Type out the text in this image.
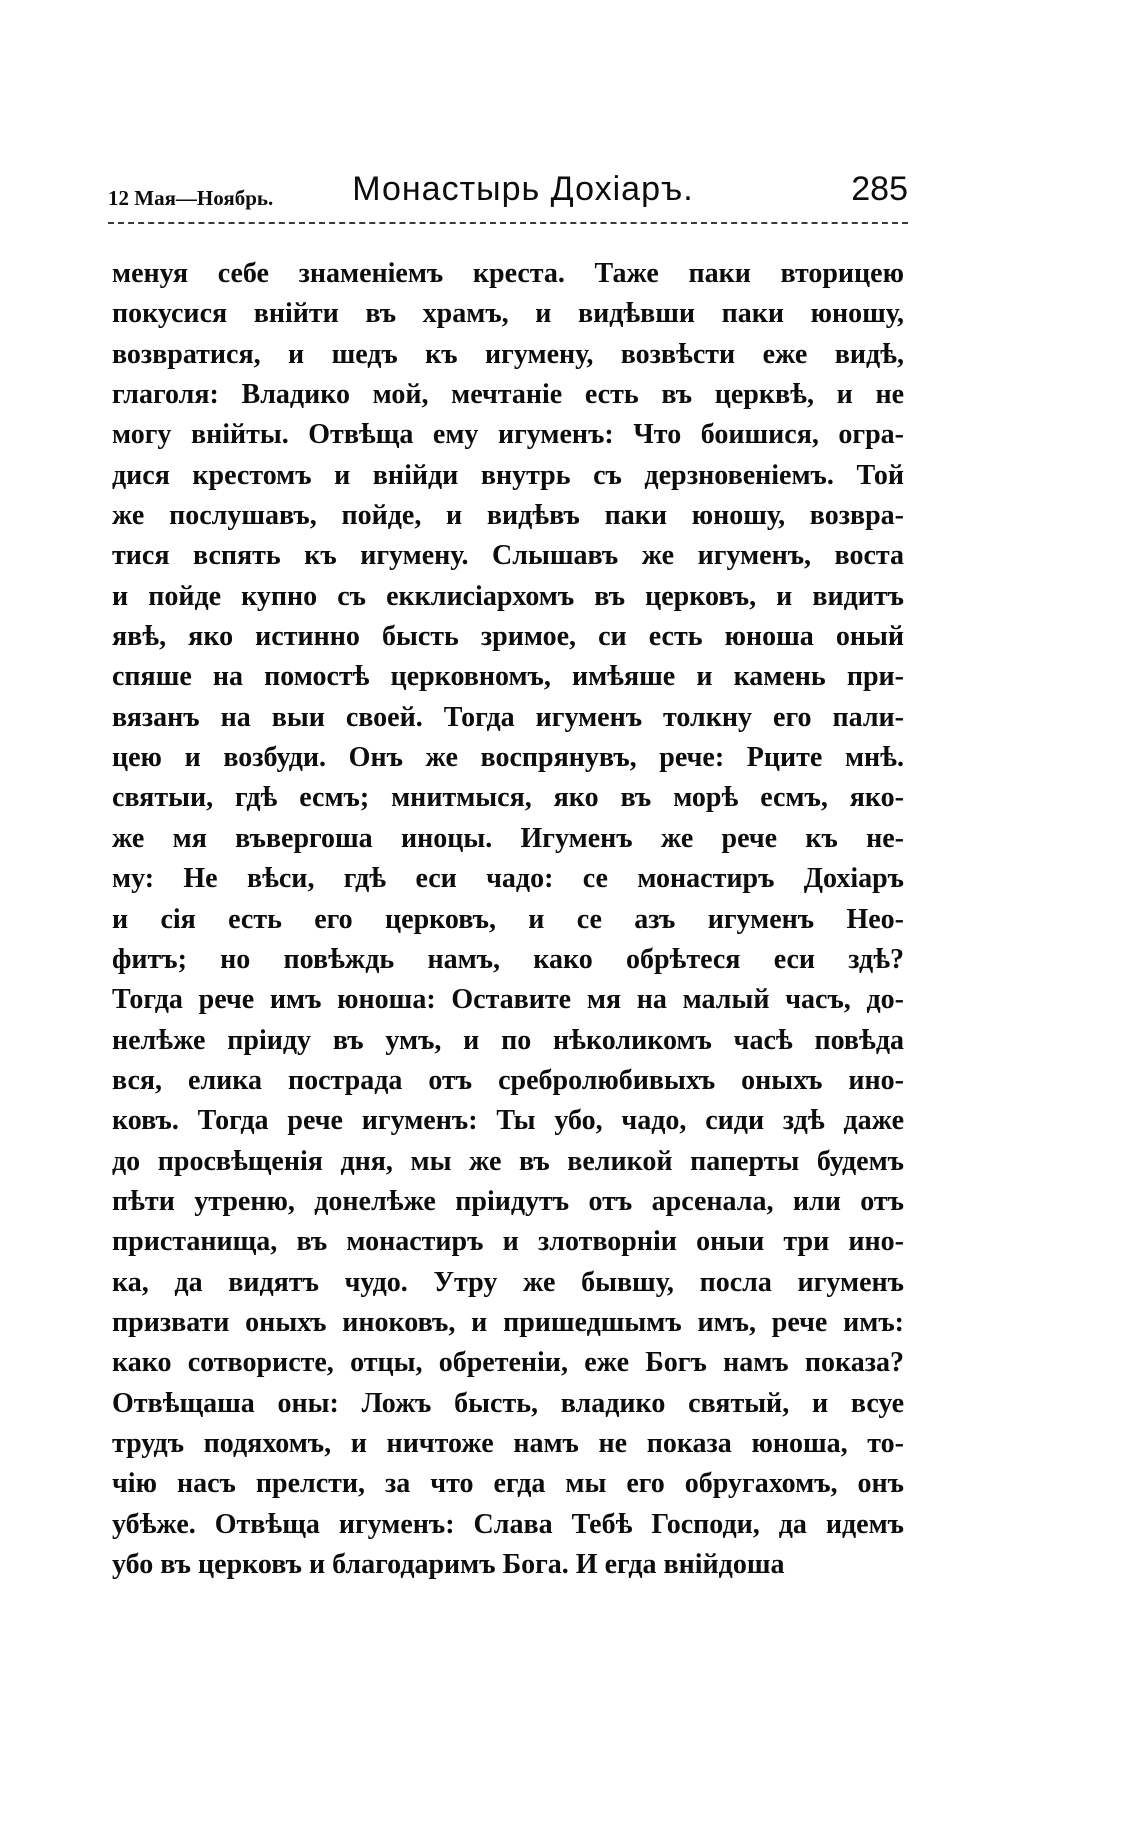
12 Мая—Ноябрь.	Монастырь Дохіаръ.	285
менуя себе знаменіемъ креста. Таже паки вторицею
покусися внійти въ храмъ, и видѣвши паки юношу,
возвратися, и шедъ къ игумену, возвѣсти еже видѣ,
глаголя: Владико мой, мечтаніе есть въ церквѣ, и не
могу внійты. Отвѣща ему игуменъ: Что боишися, огра-
дися крестомъ и внійди внутрь съ дерзновеніемъ. Той
же послушавъ, пойде, и видѣвъ паки юношу, возвра-
тися вспять къ игумену. Слышавъ же игуменъ, воста
и пойде купно съ екклисіархомъ въ церковъ, и видитъ
явѣ, яко истинно бысть зримое, си есть юноша оный
спяше на помостѣ церковномъ, имѣяше и камень при-
вязанъ на выи своей. Тогда игуменъ толкну его пали-
цею и возбуди. Онъ же воспрянувъ, рече: Рците мнѣ.
святыи, гдѣ есмъ; мнитмыся, яко въ морѣ есмъ, яко-
же мя въвергоша иноцы. Игуменъ же рече къ не-
му: Не вѣси, гдѣ еси чадо: се монастиръ Дохіаръ
и сія есть его церковъ, и се азъ игуменъ Нео-
фитъ; но повѣждь намъ, како обрѣтеся еси здѣ?
Тогда рече имъ юноша: Оставите мя на малый часъ, до-
нелѣже пріиду въ умъ, и по нѣколикомъ часѣ повѣда
вся, елика пострада отъ сребролюбивыхъ оныхъ ино-
ковъ. Тогда рече игуменъ: Ты убо, чадо, сиди здѣ даже
до просвѣщенія дня, мы же въ великой паперты будемъ
пѣти утреню, донелѣже пріидутъ отъ арсенала, или отъ
пристанища, въ монастиръ и злотворніи оныи три ино-
ка, да видятъ чудо. Утру же бывшу, посла игуменъ
призвати оныхъ иноковъ, и пришедшымъ имъ, рече имъ:
како сотвористе, отцы, обретеніи, еже Богъ намъ показа?
Отвѣщаша оны: Ложъ бысть, владико святый, и всуе
трудъ подяхомъ, и ничтоже намъ не показа юноша, то-
чію насъ прелсти, за что егда мы его обругахомъ, онъ
убѣже. Отвѣща игуменъ: Слава Тебѣ Господи, да идемъ
убо въ церковъ и благодаримъ Бога. И егда внійдоша
